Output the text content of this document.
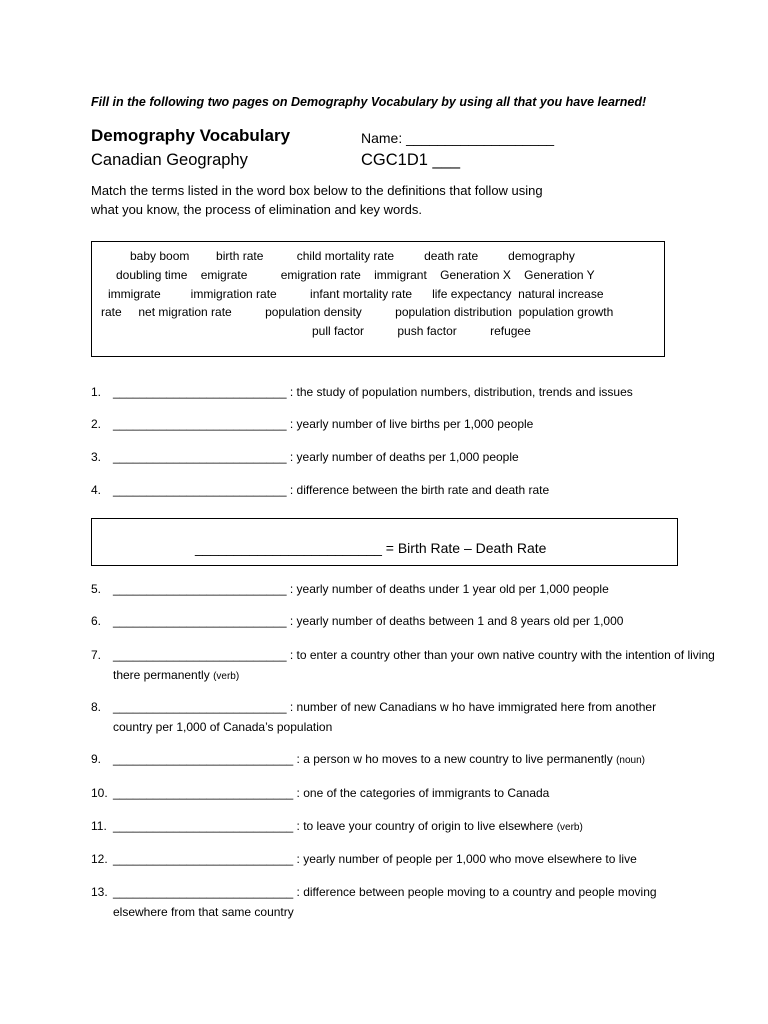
Fill in the following two pages on Demography Vocabulary by using all that you have learned!
Demography Vocabulary
Canadian Geography
Name: ___________________
CGC1D1 ___
Match the terms listed in the word box below to the definitions that follow using what you know, the process of elimination and key words.
baby boom        birth rate          child mortality rate         death rate         demography
doubling time    emigrate          emigration rate    immigrant    Generation X    Generation Y
immigrate         immigration rate          infant mortality rate      life expectancy  natural increase
rate     net migration rate          population density          population distribution  population growth
pull factor          push factor          refugee
1. __________________________ : the study of population numbers, distribution, trends and issues
2. __________________________ : yearly number of live births per 1,000 people
3. __________________________ : yearly number of deaths per 1,000 people
4. __________________________ : difference between the birth rate and death rate
________________________ = Birth Rate – Death Rate
5. __________________________ : yearly number of deaths under 1 year old per 1,000 people
6. __________________________ : yearly number of deaths between 1 and 8 years old per 1,000
7. __________________________ : to enter a country other than your own native country with the intention of living there permanently (verb)
8. __________________________ : number of new Canadians w ho have immigrated here from another country per 1,000 of Canada’s population
9. ___________________________ : a person w ho moves to a new country to live permanently (noun)
10. ___________________________ : one of the categories of immigrants to Canada
11. ___________________________ : to leave your country of origin to live elsewhere (verb)
12. ___________________________ : yearly number of people per 1,000 who move elsewhere to live
13. ___________________________ : difference between people moving to a country and people moving elsewhere from that same country
